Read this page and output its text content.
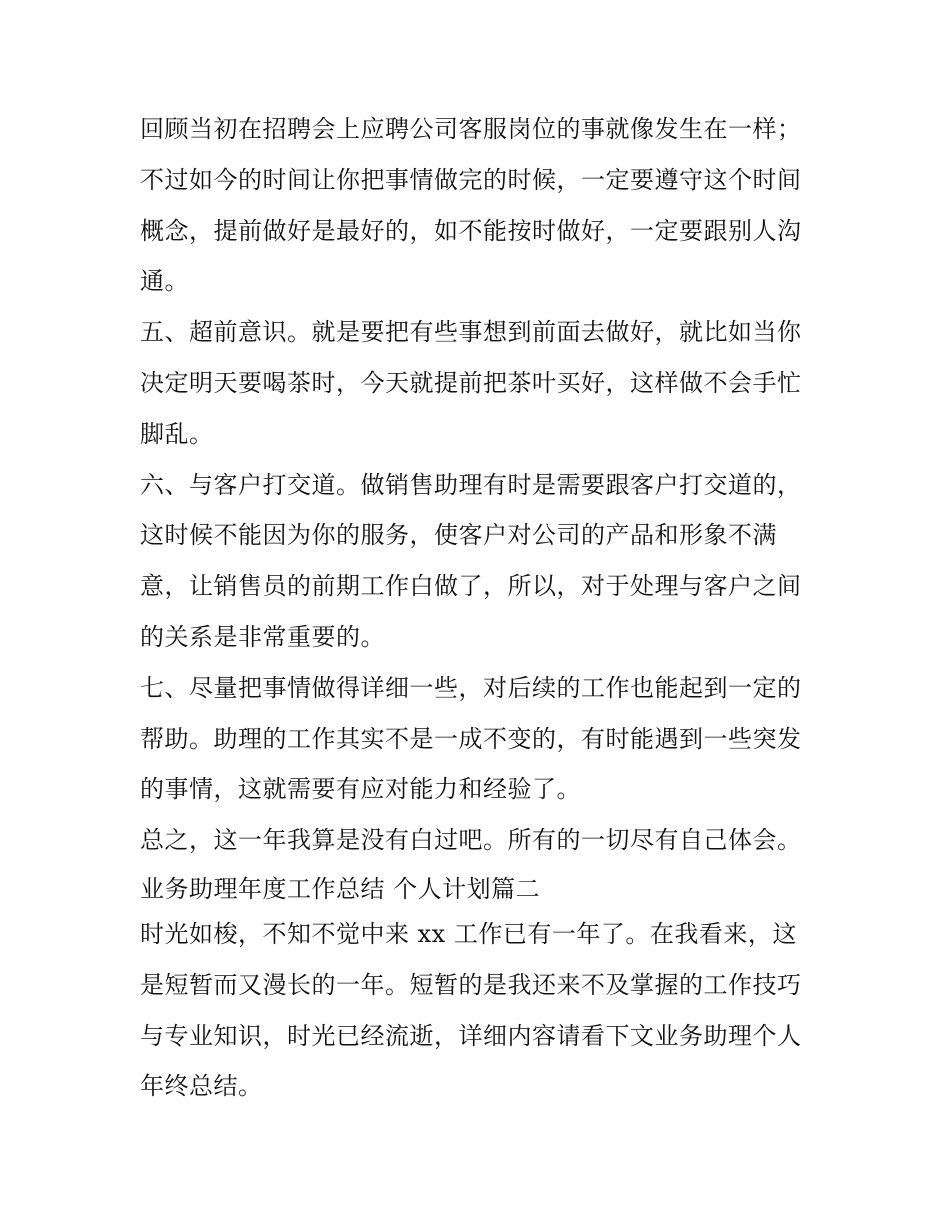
回顾当初在招聘会上应聘公司客服岗位的事就像发生在一样；
不过如今的时间让你把事情做完的时候，一定要遵守这个时间
概念，提前做好是最好的，如不能按时做好，一定要跟别人沟
通。
五、超前意识。就是要把有些事想到前面去做好，就比如当你
决定明天要喝茶时，今天就提前把茶叶买好，这样做不会手忙
脚乱。
六、与客户打交道。做销售助理有时是需要跟客户打交道的，
这时候不能因为你的服务，使客户对公司的产品和形象不满
意，让销售员的前期工作白做了，所以，对于处理与客户之间
的关系是非常重要的。
七、尽量把事情做得详细一些，对后续的工作也能起到一定的
帮助。助理的工作其实不是一成不变的，有时能遇到一些突发
的事情，这就需要有应对能力和经验了。
总之，这一年我算是没有白过吧。所有的一切尽有自己体会。
业务助理年度工作总结 个人计划篇二
时光如梭，不知不觉中来 xx 工作已有一年了。在我看来，这
是短暂而又漫长的一年。短暂的是我还来不及掌握的工作技巧
与专业知识，时光已经流逝，详细内容请看下文业务助理个人
年终总结。
